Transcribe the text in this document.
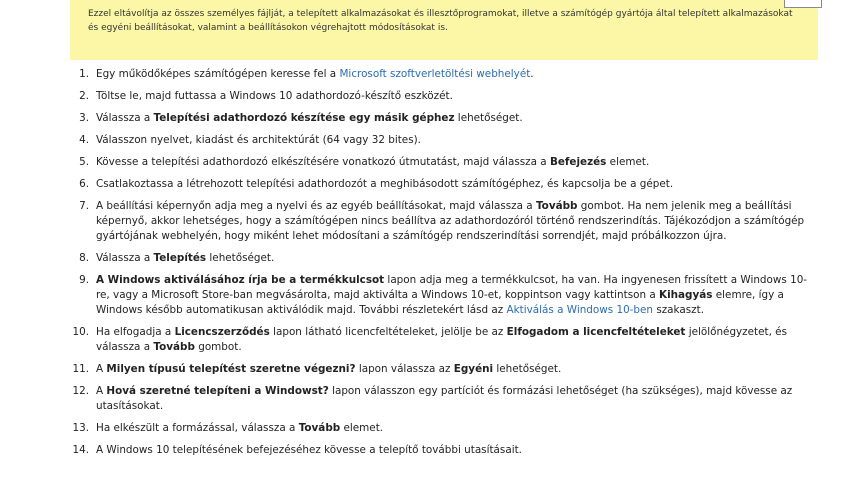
Ezzel eltávolítja az összes személyes fájlját, a telepített alkalmazásokat és illesztőprogramokat, illetve a számítógép gyártója által telepített alkalmazásokat és egyéni beállításokat, valamint a beállításokon végrehajtott módosításokat is.
1. Egy működőképes számítógépen keresse fel a Microsoft szoftverletöltési webhelyét.
2. Töltse le, majd futtassa a Windows 10 adathordozó-készítő eszközét.
3. Válassza a Telepítési adathordozó készítése egy másik géphez lehetőséget.
4. Válasszon nyelvet, kiadást és architektúrát (64 vagy 32 bites).
5. Kövesse a telepítési adathordozó elkészítésére vonatkozó útmutatást, majd válassza a Befejezés elemet.
6. Csatlakoztassa a létrehozott telepítési adathordozót a meghibásodott számítógéphez, és kapcsolja be a gépet.
7. A beállítási képernyőn adja meg a nyelvi és az egyéb beállításokat, majd válassza a Tovább gombot. Ha nem jelenik meg a beállítási képernyő, akkor lehetséges, hogy a számítógépen nincs beállítva az adathordozóról történő rendszerindítás. Tájékozódjon a számítógép gyártójának webhelyén, hogy miként lehet módosítani a számítógép rendszerindítási sorrendjét, majd próbálkozzon újra.
8. Válassza a Telepítés lehetőséget.
9. A Windows aktiválásához írja be a termékkulcsot lapon adja meg a termékkulcsot, ha van. Ha ingyenesen frissített a Windows 10-re, vagy a Microsoft Store-ban megvásárolta, majd aktiválta a Windows 10-et, koppintson vagy kattintson a Kihagyás elemre, így a Windows később automatikusan aktiválódik majd. További részletekért lásd az Aktiválás a Windows 10-ben szakaszt.
10. Ha elfogadja a Licencszerződés lapon látható licencfeltételeket, jelölje be az Elfogadom a licencfeltételeket jelölőnégyzetet, és válassza a Tovább gombot.
11. A Milyen típusú telepítést szeretne végezni? lapon válassza az Egyéni lehetőséget.
12. A Hová szeretné telepíteni a Windowst? lapon válasszon egy partíciót és formázási lehetőséget (ha szükséges), majd kövesse az utasításokat.
13. Ha elkészült a formázással, válassza a Tovább elemet.
14. A Windows 10 telepítésének befejezéséhez kövesse a telepítő további utasításait.
